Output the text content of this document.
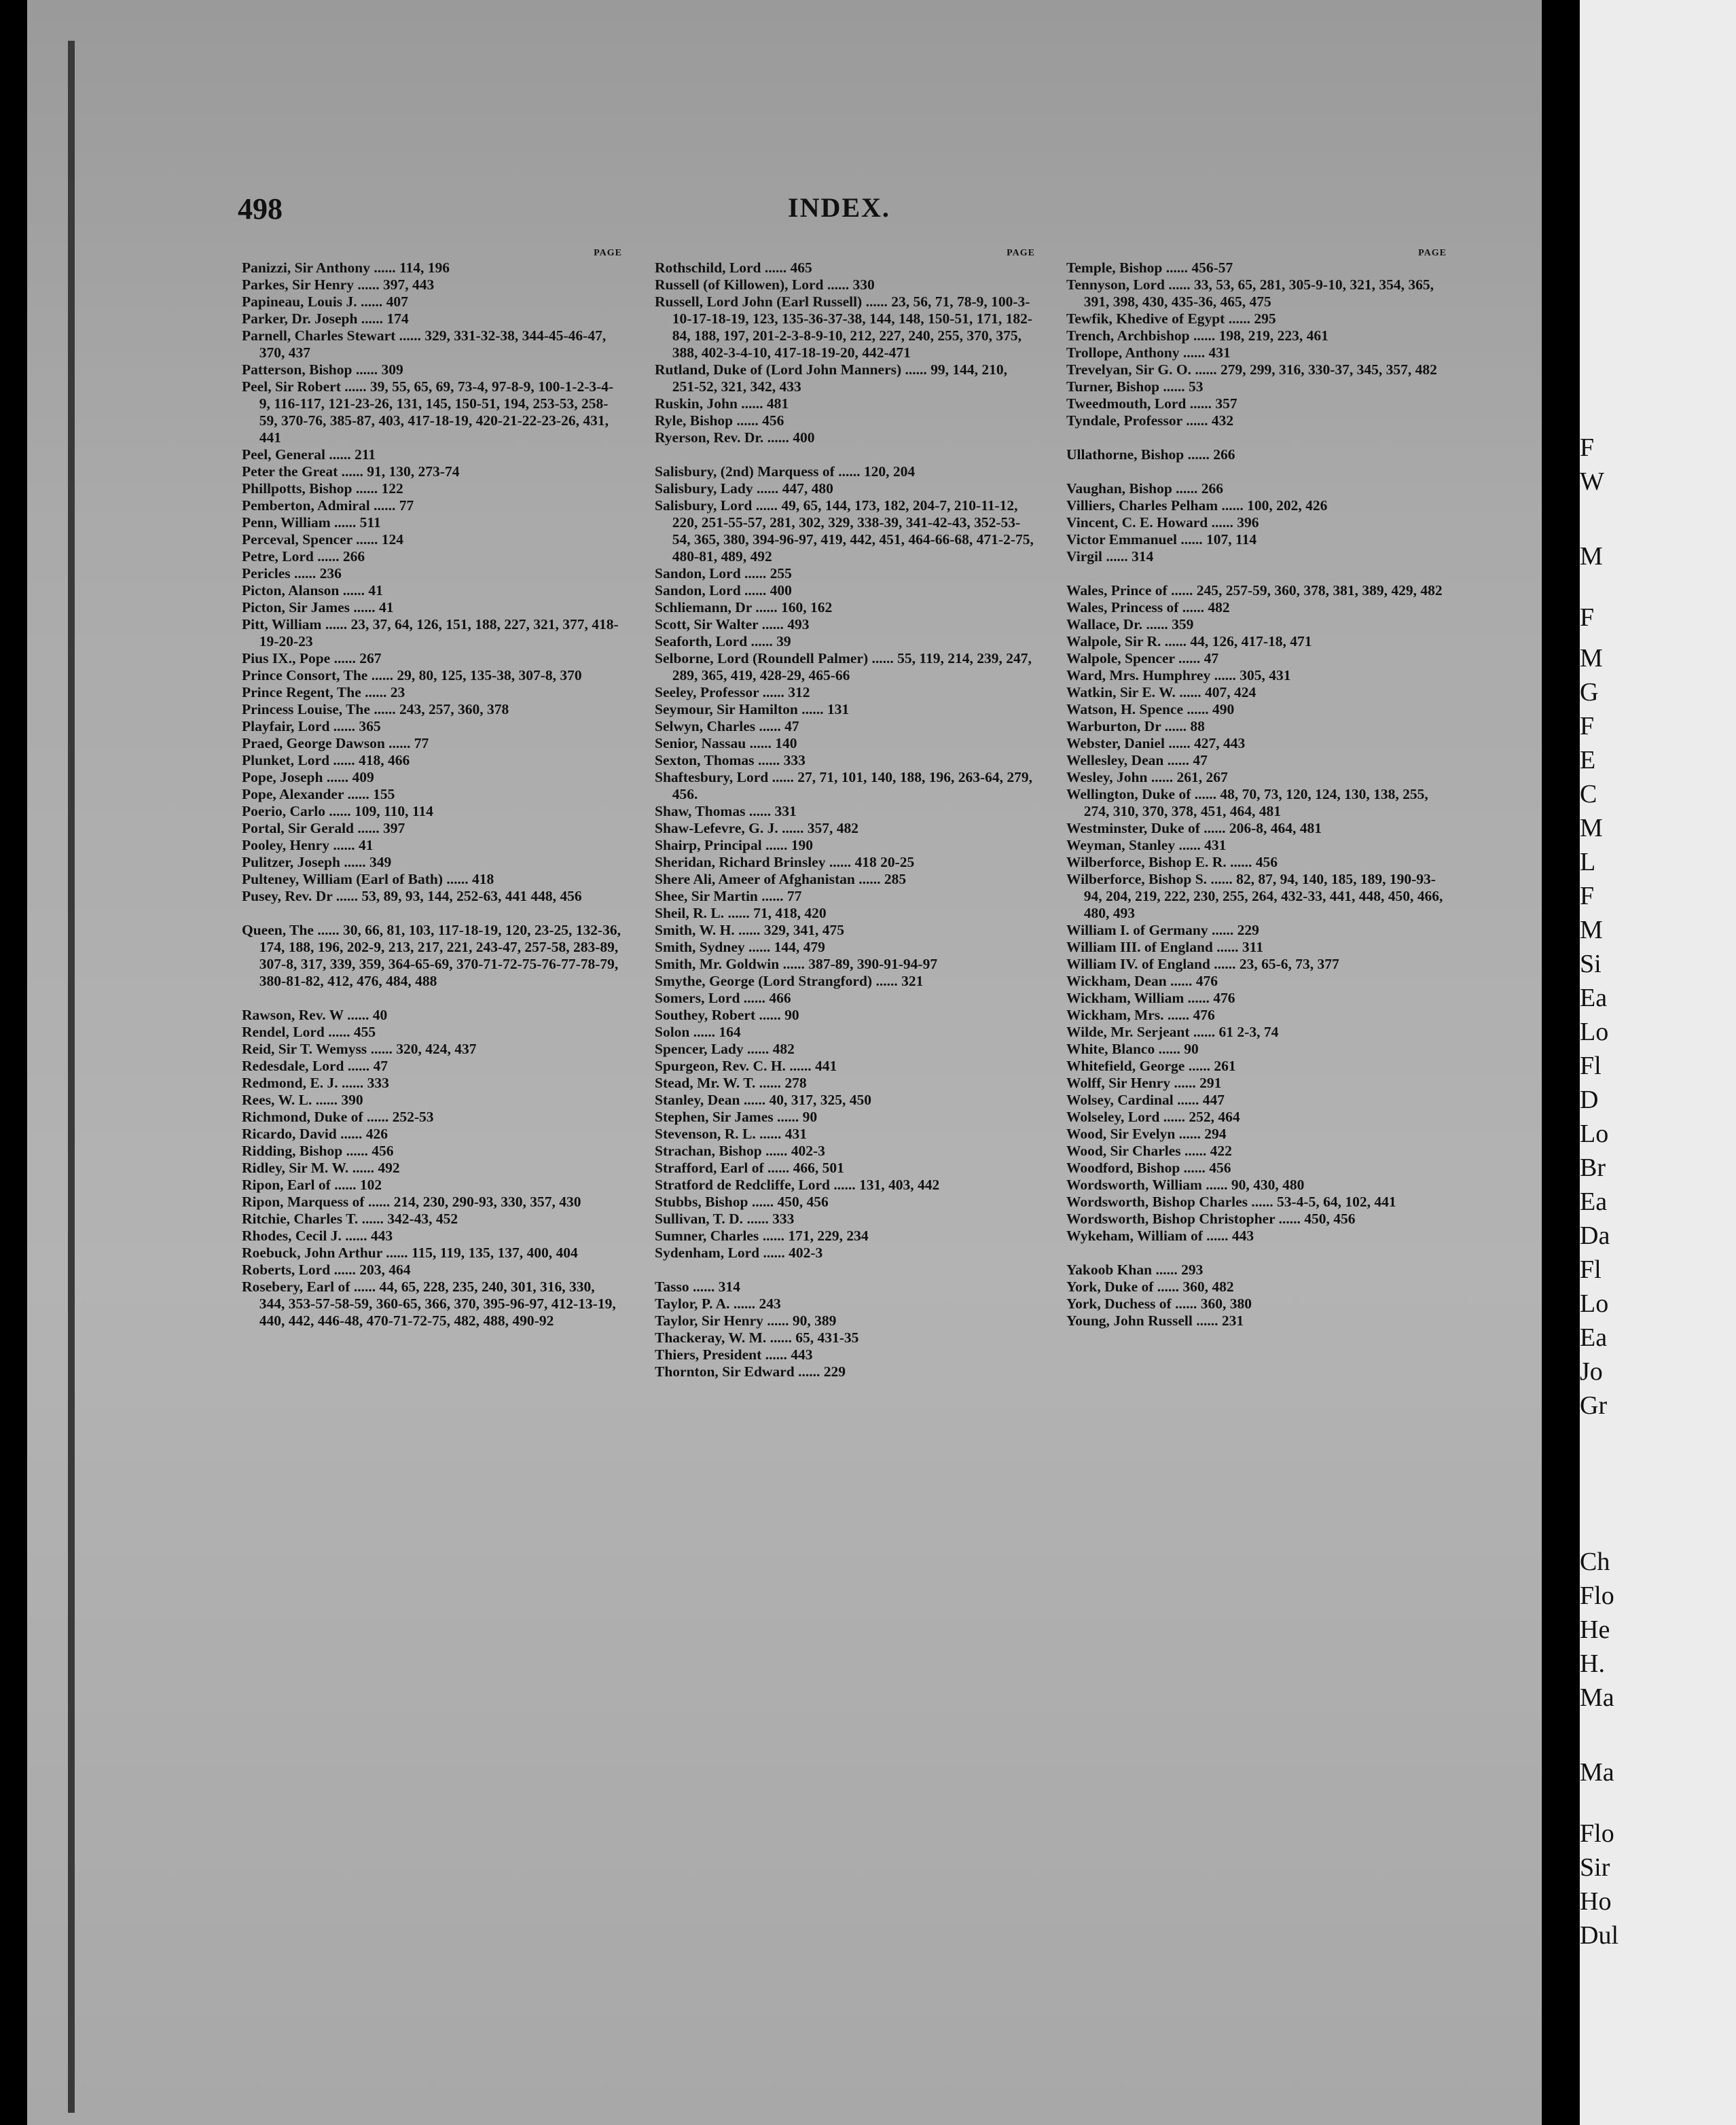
F
W
M
F
M
G
F
E
C
M
L
F
M
Si
Ea
Lo
Fl
D
Lo
Br
Ea
Da
Fl
Lo
Ea
Jo
Gr
Ch
Flo
He
H.
Ma
Ma
Flo
Sir
Ho
Dul
498	INDEX.
PAGE
Panizzi, Sir Anthony ...... 114, 196
Parkes, Sir Henry ...... 397, 443
Papineau, Louis J. ...... 407
Parker, Dr. Joseph ...... 174
Parnell, Charles Stewart ...... 329, 331-32-38, 344-45-46-47, 370, 437
Patterson, Bishop ...... 309
Peel, Sir Robert ...... 39, 55, 65, 69, 73-4, 97-8-9, 100-1-2-3-4-9, 116-117, 121-23-26, 131, 145, 150-51, 194, 253-53, 258-59, 370-76, 385-87, 403, 417-18-19, 420-21-22-23-26, 431, 441
Peel, General ...... 211
Peter the Great ...... 91, 130, 273-74
Phillpotts, Bishop ...... 122
Pemberton, Admiral ...... 77
Penn, William ...... 511
Perceval, Spencer ...... 124
Petre, Lord ...... 266
Pericles ...... 236
Picton, Alanson ...... 41
Picton, Sir James ...... 41
Pitt, William ...... 23, 37, 64, 126, 151, 188, 227, 321, 377, 418-19-20-23
Pius IX., Pope ...... 267
Prince Consort, The ...... 29, 80, 125, 135-38, 307-8, 370
Prince Regent, The ...... 23
Princess Louise, The ...... 243, 257, 360, 378
Playfair, Lord ...... 365
Praed, George Dawson ...... 77
Plunket, Lord ...... 418, 466
Pope, Joseph ...... 409
Pope, Alexander ...... 155
Poerio, Carlo ...... 109, 110, 114
Portal, Sir Gerald ...... 397
Pooley, Henry ...... 41
Pulitzer, Joseph ...... 349
Pulteney, William (Earl of Bath) ...... 418
Pusey, Rev. Dr ...... 53, 89, 93, 144, 252-63, 441 448, 456
Queen, The ...... 30, 66, 81, 103, 117-18-19, 120, 23-25, 132-36, 174, 188, 196, 202-9, 213, 217, 221, 243-47, 257-58, 283-89, 307-8, 317, 339, 359, 364-65-69, 370-71-72-75-76-77-78-79, 380-81-82, 412, 476, 484, 488
Rawson, Rev. W ...... 40
Rendel, Lord ...... 455
Reid, Sir T. Wemyss ...... 320, 424, 437
Redesdale, Lord ...... 47
Redmond, E. J. ...... 333
Rees, W. L. ...... 390
Richmond, Duke of ...... 252-53
Ricardo, David ...... 426
Ridding, Bishop ...... 456
Ridley, Sir M. W. ...... 492
Ripon, Earl of ...... 102
Ripon, Marquess of ...... 214, 230, 290-93, 330, 357, 430
Ritchie, Charles T. ...... 342-43, 452
Rhodes, Cecil J. ...... 443
Roebuck, John Arthur ...... 115, 119, 135, 137, 400, 404
Roberts, Lord ...... 203, 464
Rosebery, Earl of ...... 44, 65, 228, 235, 240, 301, 316, 330, 344, 353-57-58-59, 360-65, 366, 370, 395-96-97, 412-13-19, 440, 442, 446-48, 470-71-72-75, 482, 488, 490-92
PAGE
Rothschild, Lord ...... 465
Russell (of Killowen), Lord ...... 330
Russell, Lord John (Earl Russell) ...... 23, 56, 71, 78-9, 100-3-10-17-18-19, 123, 135-36-37-38, 144, 148, 150-51, 171, 182-84, 188, 197, 201-2-3-8-9-10, 212, 227, 240, 255, 370, 375, 388, 402-3-4-10, 417-18-19-20, 442-471
Rutland, Duke of (Lord John Manners) ...... 99, 144, 210, 251-52, 321, 342, 433
Ruskin, John ...... 481
Ryle, Bishop ...... 456
Ryerson, Rev. Dr. ...... 400
Salisbury, (2nd) Marquess of ...... 120, 204
Salisbury, Lady ...... 447, 480
Salisbury, Lord ...... 49, 65, 144, 173, 182, 204-7, 210-11-12, 220, 251-55-57, 281, 302, 329, 338-39, 341-42-43, 352-53-54, 365, 380, 394-96-97, 419, 442, 451, 464-66-68, 471-2-75, 480-81, 489, 492
Sandon, Lord ...... 255
Sandon, Lord ...... 400
Schliemann, Dr ...... 160, 162
Scott, Sir Walter ...... 493
Seaforth, Lord ...... 39
Selborne, Lord (Roundell Palmer) ...... 55, 119, 214, 239, 247, 289, 365, 419, 428-29, 465-66
Seeley, Professor ...... 312
Seymour, Sir Hamilton ...... 131
Selwyn, Charles ...... 47
Senior, Nassau ...... 140
Sexton, Thomas ...... 333
Shaftesbury, Lord ...... 27, 71, 101, 140, 188, 196, 263-64, 279, 456.
Shaw, Thomas ...... 331
Shaw-Lefevre, G. J. ...... 357, 482
Shairp, Principal ...... 190
Sheridan, Richard Brinsley ...... 418 20-25
Shere Ali, Ameer of Afghanistan ...... 285
Shee, Sir Martin ...... 77
Sheil, R. L. ...... 71, 418, 420
Smith, W. H. ...... 329, 341, 475
Smith, Sydney ...... 144, 479
Smith, Mr. Goldwin ...... 387-89, 390-91-94-97
Smythe, George (Lord Strangford) ...... 321
Somers, Lord ...... 466
Southey, Robert ...... 90
Solon ...... 164
Spencer, Lady ...... 482
Spurgeon, Rev. C. H. ...... 441
Stead, Mr. W. T. ...... 278
Stanley, Dean ...... 40, 317, 325, 450
Stephen, Sir James ...... 90
Stevenson, R. L. ...... 431
Strachan, Bishop ...... 402-3
Strafford, Earl of ...... 466, 501
Stratford de Redcliffe, Lord ...... 131, 403, 442
Stubbs, Bishop ...... 450, 456
Sullivan, T. D. ...... 333
Sumner, Charles ...... 171, 229, 234
Sydenham, Lord ...... 402-3
Tasso ...... 314
Taylor, P. A. ...... 243
Taylor, Sir Henry ...... 90, 389
Thackeray, W. M. ...... 65, 431-35
Thiers, President ...... 443
Thornton, Sir Edward ...... 229
PAGE
Temple, Bishop ...... 456-57
Tennyson, Lord ...... 33, 53, 65, 281, 305-9-10, 321, 354, 365, 391, 398, 430, 435-36, 465, 475
Tewfik, Khedive of Egypt ...... 295
Trench, Archbishop ...... 198, 219, 223, 461
Trollope, Anthony ...... 431
Trevelyan, Sir G. O. ...... 279, 299, 316, 330-37, 345, 357, 482
Turner, Bishop ...... 53
Tweedmouth, Lord ...... 357
Tyndale, Professor ...... 432
Ullathorne, Bishop ...... 266
Vaughan, Bishop ...... 266
Villiers, Charles Pelham ...... 100, 202, 426
Vincent, C. E. Howard ...... 396
Victor Emmanuel ...... 107, 114
Virgil ...... 314
Wales, Prince of ...... 245, 257-59, 360, 378, 381, 389, 429, 482
Wales, Princess of ...... 482
Wallace, Dr. ...... 359
Walpole, Sir R. ...... 44, 126, 417-18, 471
Walpole, Spencer ...... 47
Ward, Mrs. Humphrey ...... 305, 431
Watkin, Sir E. W. ...... 407, 424
Watson, H. Spence ...... 490
Warburton, Dr ...... 88
Webster, Daniel ...... 427, 443
Wellesley, Dean ...... 47
Wesley, John ...... 261, 267
Wellington, Duke of ...... 48, 70, 73, 120, 124, 130, 138, 255, 274, 310, 370, 378, 451, 464, 481
Westminster, Duke of ...... 206-8, 464, 481
Weyman, Stanley ...... 431
Wilberforce, Bishop E. R. ...... 456
Wilberforce, Bishop S. ...... 82, 87, 94, 140, 185, 189, 190-93-94, 204, 219, 222, 230, 255, 264, 432-33, 441, 448, 450, 466, 480, 493
William I. of Germany ...... 229
William III. of England ...... 311
William IV. of England ...... 23, 65-6, 73, 377
Wickham, Dean ...... 476
Wickham, William ...... 476
Wickham, Mrs. ...... 476
Wilde, Mr. Serjeant ...... 61 2-3, 74
White, Blanco ...... 90
Whitefield, George ...... 261
Wolff, Sir Henry ...... 291
Wolsey, Cardinal ...... 447
Wolseley, Lord ...... 252, 464
Wood, Sir Evelyn ...... 294
Wood, Sir Charles ...... 422
Woodford, Bishop ...... 456
Wordsworth, William ...... 90, 430, 480
Wordsworth, Bishop Charles ...... 53-4-5, 64, 102, 441
Wordsworth, Bishop Christopher ...... 450, 456
Wykeham, William of ...... 443
Yakoob Khan ...... 293
York, Duke of ...... 360, 482
York, Duchess of ...... 360, 380
Young, John Russell ...... 231
